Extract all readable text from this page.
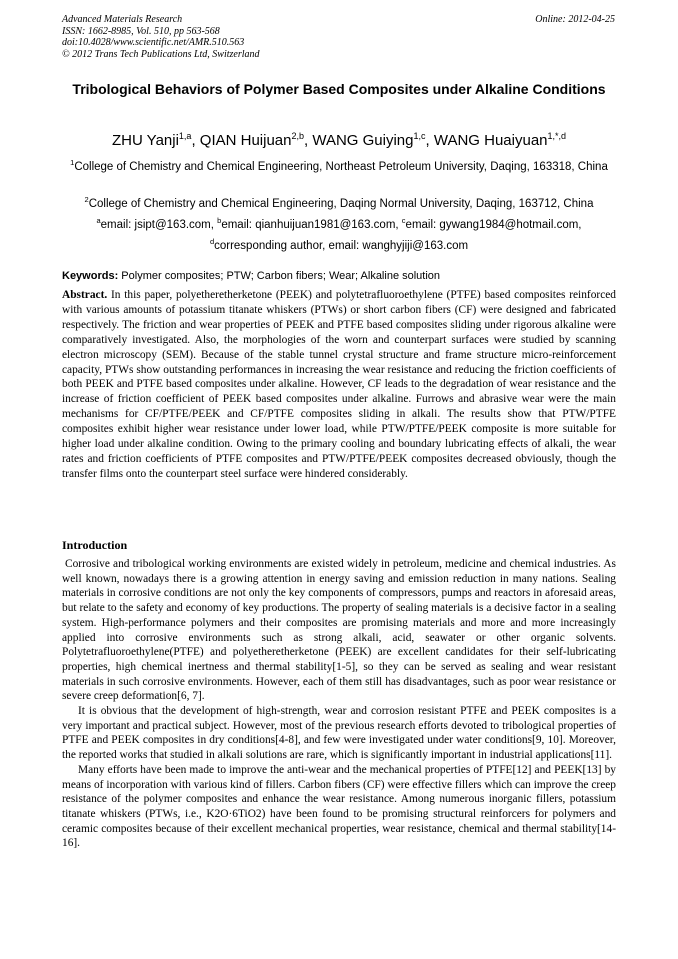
Advanced Materials Research
ISSN: 1662-8985, Vol. 510, pp 563-568
doi:10.4028/www.scientific.net/AMR.510.563
© 2012 Trans Tech Publications Ltd, Switzerland
Online: 2012-04-25
Tribological Behaviors of Polymer Based Composites under Alkaline Conditions
ZHU Yanji$^{1,a}$, QIAN Huijuan$^{2,b}$, WANG Guiying$^{1,c}$, WANG Huaiyuan$^{1,*,d}$
$^1$College of Chemistry and Chemical Engineering, Northeast Petroleum University, Daqing, 163318, China
$^2$College of Chemistry and Chemical Engineering, Daqing Normal University, Daqing, 163712, China
$^a$email: jsipt@163.com, $^b$email: qianhuijuan1981@163.com, $^c$email: gywang1984@hotmail.com,
$^d$corresponding author, email: wanghyjiji@163.com
Keywords: Polymer composites; PTW; Carbon fibers; Wear; Alkaline solution
Abstract. In this paper, polyetheretherketone (PEEK) and polytetrafluoroethylene (PTFE) based composites reinforced with various amounts of potassium titanate whiskers (PTWs) or short carbon fibers (CF) were designed and fabricated respectively. The friction and wear properties of PEEK and PTFE based composites sliding under rigorous alkaline were comparatively investigated. Also, the morphologies of the worn and counterpart surfaces were studied by scanning electron microscopy (SEM). Because of the stable tunnel crystal structure and frame structure micro-reinforcement capacity, PTWs show outstanding performances in increasing the wear resistance and reducing the friction coefficients of both PEEK and PTFE based composites under alkaline. However, CF leads to the degradation of wear resistance and the increase of friction coefficient of PEEK based composites under alkaline. Furrows and abrasive wear were the main mechanisms for CF/PTFE/PEEK and CF/PTFE composites sliding in alkali. The results show that PTW/PTFE composites exhibit higher wear resistance under lower load, while PTW/PTFE/PEEK composite is more suitable for higher load under alkaline condition. Owing to the primary cooling and boundary lubricating effects of alkali, the wear rates and friction coefficients of PTFE composites and PTW/PTFE/PEEK composites decreased obviously, though the transfer films onto the counterpart steel surface were hindered considerably.
Introduction

Corrosive and tribological working environments are existed widely in petroleum, medicine and chemical industries. As well known, nowadays there is a growing attention in energy saving and emission reduction in many nations. Sealing materials in corrosive conditions are not only the key components of compressors, pumps and reactors in aforesaid areas, but relate to the safety and economy of key productions. The property of sealing materials is a decisive factor in a sealing system. High-performance polymers and their composites are promising materials and more and more increasingly applied into corrosive environments such as strong alkali, acid, seawater or other organic solvents. Polytetrafluoroethylene(PTFE) and polyetheretherketone (PEEK) are excellent candidates for their self-lubricating properties, high chemical inertness and thermal stability[1-5], so they can be served as sealing and wear resistant materials in such corrosive environments. However, each of them still has disadvantages, such as poor wear resistance or severe creep deformation[6, 7].

It is obvious that the development of high-strength, wear and corrosion resistant PTFE and PEEK composites is a very important and practical subject. However, most of the previous research efforts devoted to tribological properties of PTFE and PEEK composites in dry conditions[4-8], and few were investigated under water conditions[9, 10]. Moreover, the reported works that studied in alkali solutions are rare, which is significantly important in industrial applications[11].

Many efforts have been made to improve the anti-wear and the mechanical properties of PTFE[12] and PEEK[13] by means of incorporation with various kind of fillers. Carbon fibers (CF) were effective fillers which can improve the creep resistance of the polymer composites and enhance the wear resistance. Among numerous inorganic fillers, potassium titanate whiskers (PTWs, i.e., K2O·6TiO2) have been found to be promising structural reinforcers for polymers and ceramic composites because of their excellent mechanical properties, wear resistance, chemical and thermal stability[14-16].
